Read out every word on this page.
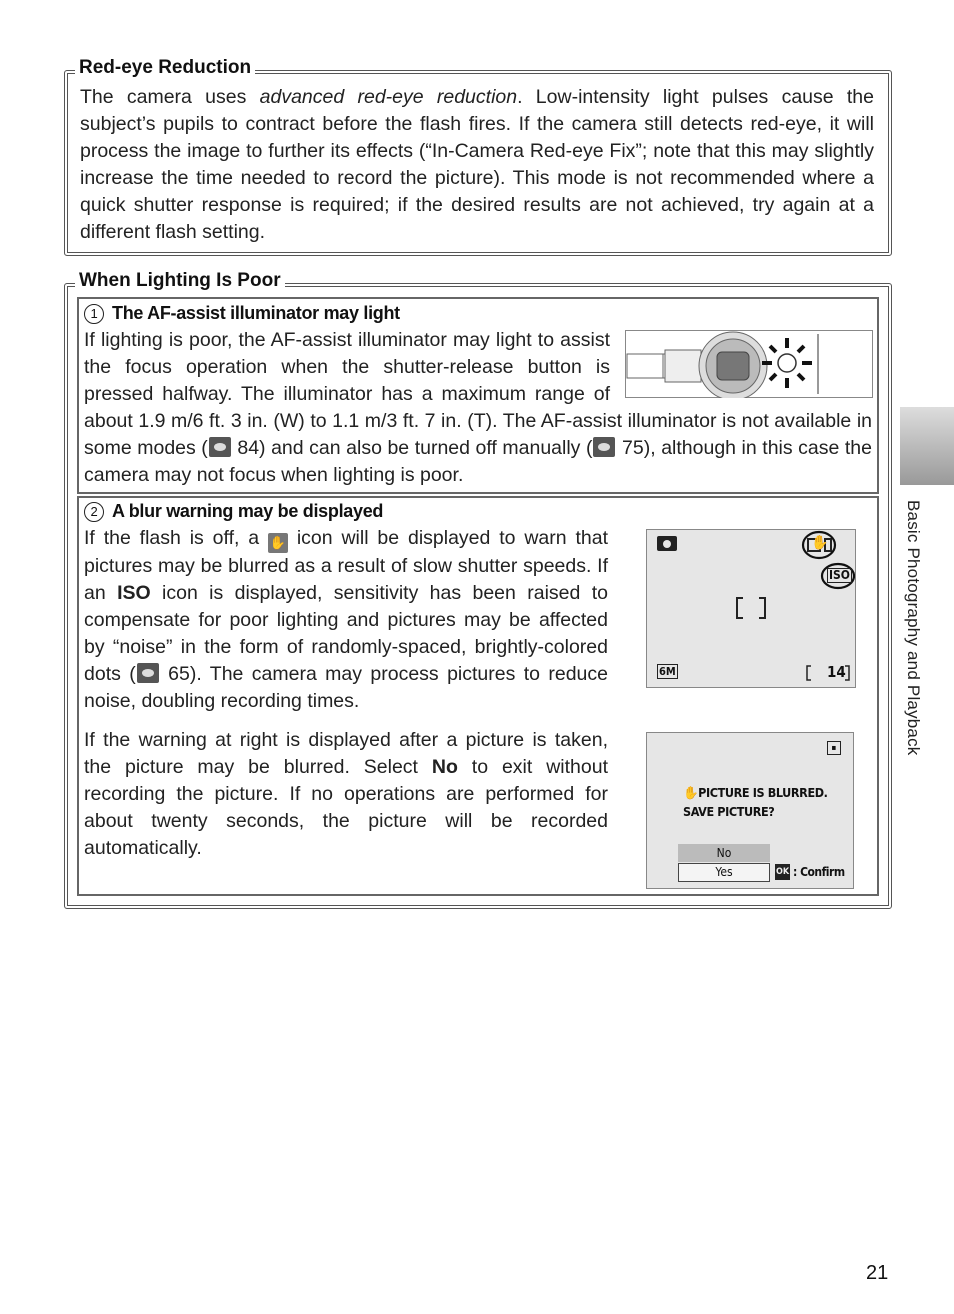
Red-eye Reduction

The camera uses advanced red-eye reduction. Low-intensity light pulses cause the subject’s pupils to contract before the flash fires. If the camera still detects red-eye, it will process the image to further its effects (“In-Camera Red-eye Fix”; note that this may slightly increase the time needed to record the picture). This mode is not recommended where a quick shutter response is required; if the desired results are not achieved, try again at a different flash setting.

When Lighting Is Poor
1 The AF-assist illuminator may light

If lighting is poor, the AF-assist illuminator may light to assist the focus operation when the shutter-release button is pressed halfway. The illuminator has a maximum range of about 1.9 m/6 ft. 3 in. (W) to 1.1 m/3 ft. 7 in. (T). The AF-assist illuminator is not available in some modes ( 84) and can also be turned off manually ( 75), although in this case the camera may not focus when lighting is poor.

2 A blur warning may be displayed

If the flash is off, a ✋ icon will be displayed to warn that pictures may be blurred as a result of slow shutter speeds. If an ISO icon is displayed, sensitivity has been raised to compensate for poor lighting and pictures may be affected by “noise” in the form of randomly-spaced, brightly-colored dots ( 65). The camera may process pictures to reduce noise, doubling recording times.

If the warning at right is displayed after a picture is taken, the picture may be blurred. Select No to exit without recording the picture. If no operations are performed for about twenty seconds, the picture will be recorded automatically.

✋
ISO
6M	14
▪
✋PICTURE IS BLURRED.
SAVE PICTURE?
No
Yes	OK : Confirm
Basic Photography and Playback
21
